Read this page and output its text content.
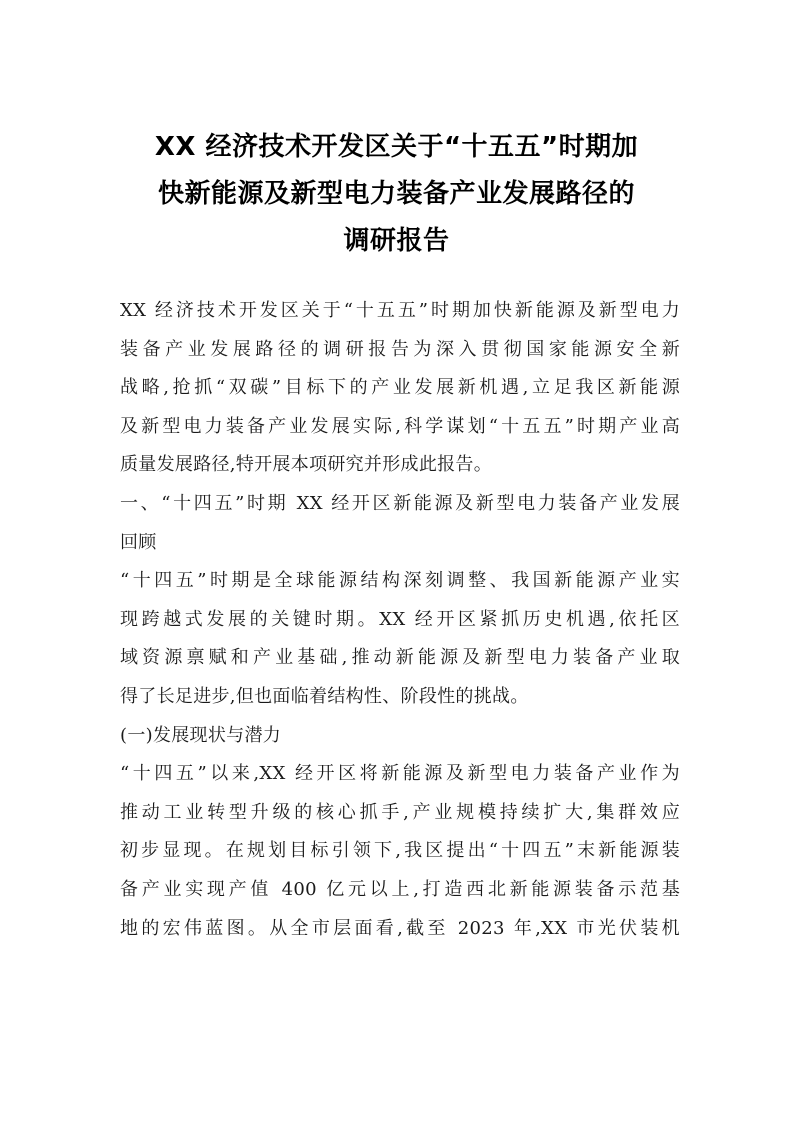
XX 经济技术开发区关于“十五五”时期加
快新能源及新型电力装备产业发展路径的
调研报告
XX 经济技术开发区关于“十五五”时期加快新能源及新型电力
装备产业发展路径的调研报告为深入贯彻国家能源安全新
战略,抢抓“双碳”目标下的产业发展新机遇,立足我区新能源
及新型电力装备产业发展实际,科学谋划“十五五”时期产业高
质量发展路径,特开展本项研究并形成此报告。
一、“十四五”时期 XX 经开区新能源及新型电力装备产业发展
回顾
“十四五”时期是全球能源结构深刻调整、我国新能源产业实
现跨越式发展的关键时期。XX 经开区紧抓历史机遇,依托区
域资源禀赋和产业基础,推动新能源及新型电力装备产业取
得了长足进步,但也面临着结构性、阶段性的挑战。
(一)发展现状与潜力
“十四五”以来,XX 经开区将新能源及新型电力装备产业作为
推动工业转型升级的核心抓手,产业规模持续扩大,集群效应
初步显现。在规划目标引领下,我区提出“十四五”末新能源装
备产业实现产值 400 亿元以上,打造西北新能源装备示范基
地的宏伟蓝图。从全市层面看,截至 2023 年,XX 市光伏装机
